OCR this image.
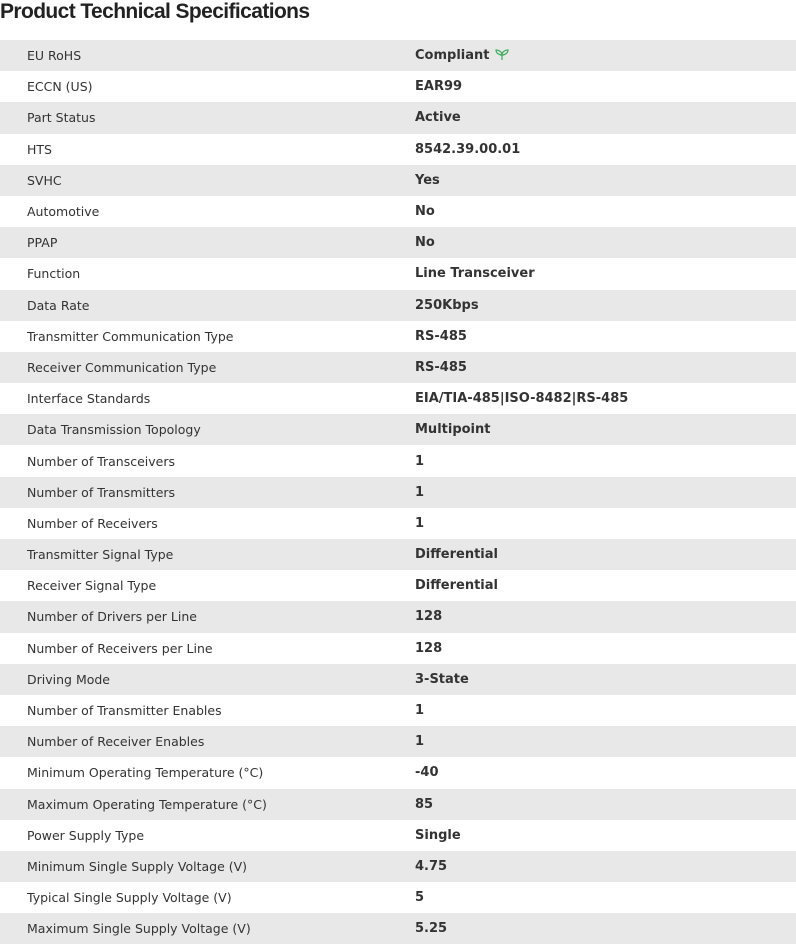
Product Technical Specifications
EU RoHS	Compliant
ECCN (US)	EAR99
Part Status	Active
HTS	8542.39.00.01
SVHC	Yes
Automotive	No
PPAP	No
Function	Line Transceiver
Data Rate	250Kbps
Transmitter Communication Type	RS-485
Receiver Communication Type	RS-485
Interface Standards	EIA/TIA-485|ISO-8482|RS-485
Data Transmission Topology	Multipoint
Number of Transceivers	1
Number of Transmitters	1
Number of Receivers	1
Transmitter Signal Type	Differential
Receiver Signal Type	Differential
Number of Drivers per Line	128
Number of Receivers per Line	128
Driving Mode	3-State
Number of Transmitter Enables	1
Number of Receiver Enables	1
Minimum Operating Temperature (°C)	-40
Maximum Operating Temperature (°C)	85
Power Supply Type	Single
Minimum Single Supply Voltage (V)	4.75
Typical Single Supply Voltage (V)	5
Maximum Single Supply Voltage (V)	5.25
